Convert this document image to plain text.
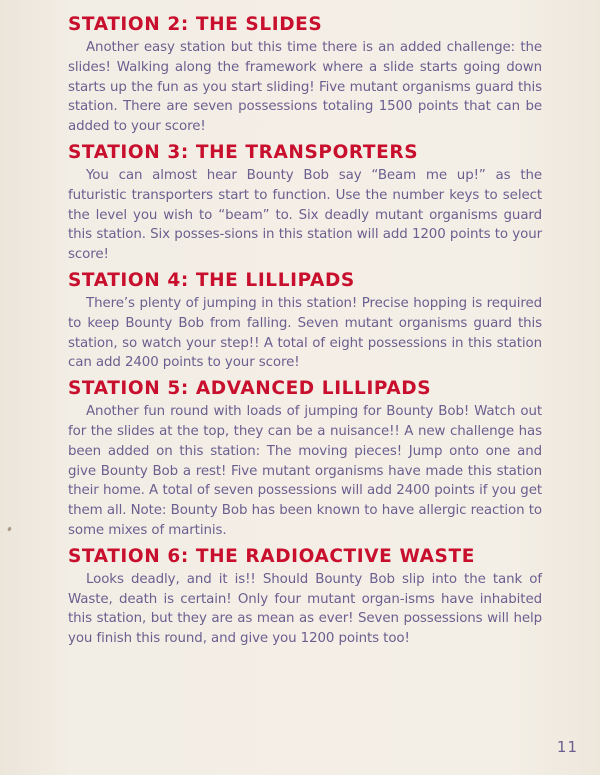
STATION 2: THE SLIDES

Another easy station but this time there is an added challenge: the slides! Walking along the framework where a slide starts going down starts up the fun as you start sliding! Five mutant organisms guard this station. There are seven possessions totaling 1500 points that can be added to your score!

STATION 3: THE TRANSPORTERS

You can almost hear Bounty Bob say “Beam me up!” as the futuristic transporters start to function. Use the number keys to select the level you wish to “beam” to. Six deadly mutant organisms guard this station. Six posses-sions in this station will add 1200 points to your score!

STATION 4: THE LILLIPADS

There’s plenty of jumping in this station! Precise hopping is required to keep Bounty Bob from falling. Seven mutant organisms guard this station, so watch your step!! A total of eight possessions in this station can add 2400 points to your score!

STATION 5: ADVANCED LILLIPADS

Another fun round with loads of jumping for Bounty Bob! Watch out for the slides at the top, they can be a nuisance!! A new challenge has been added on this station: The moving pieces! Jump onto one and give Bounty Bob a rest! Five mutant organisms have made this station their home. A total of seven possessions will add 2400 points if you get them all. Note: Bounty Bob has been known to have allergic reaction to some mixes of martinis.

STATION 6: THE RADIOACTIVE WASTE

Looks deadly, and it is!! Should Bounty Bob slip into the tank of Waste, death is certain! Only four mutant organ-isms have inhabited this station, but they are as mean as ever! Seven possessions will help you finish this round, and give you 1200 points too!

11
